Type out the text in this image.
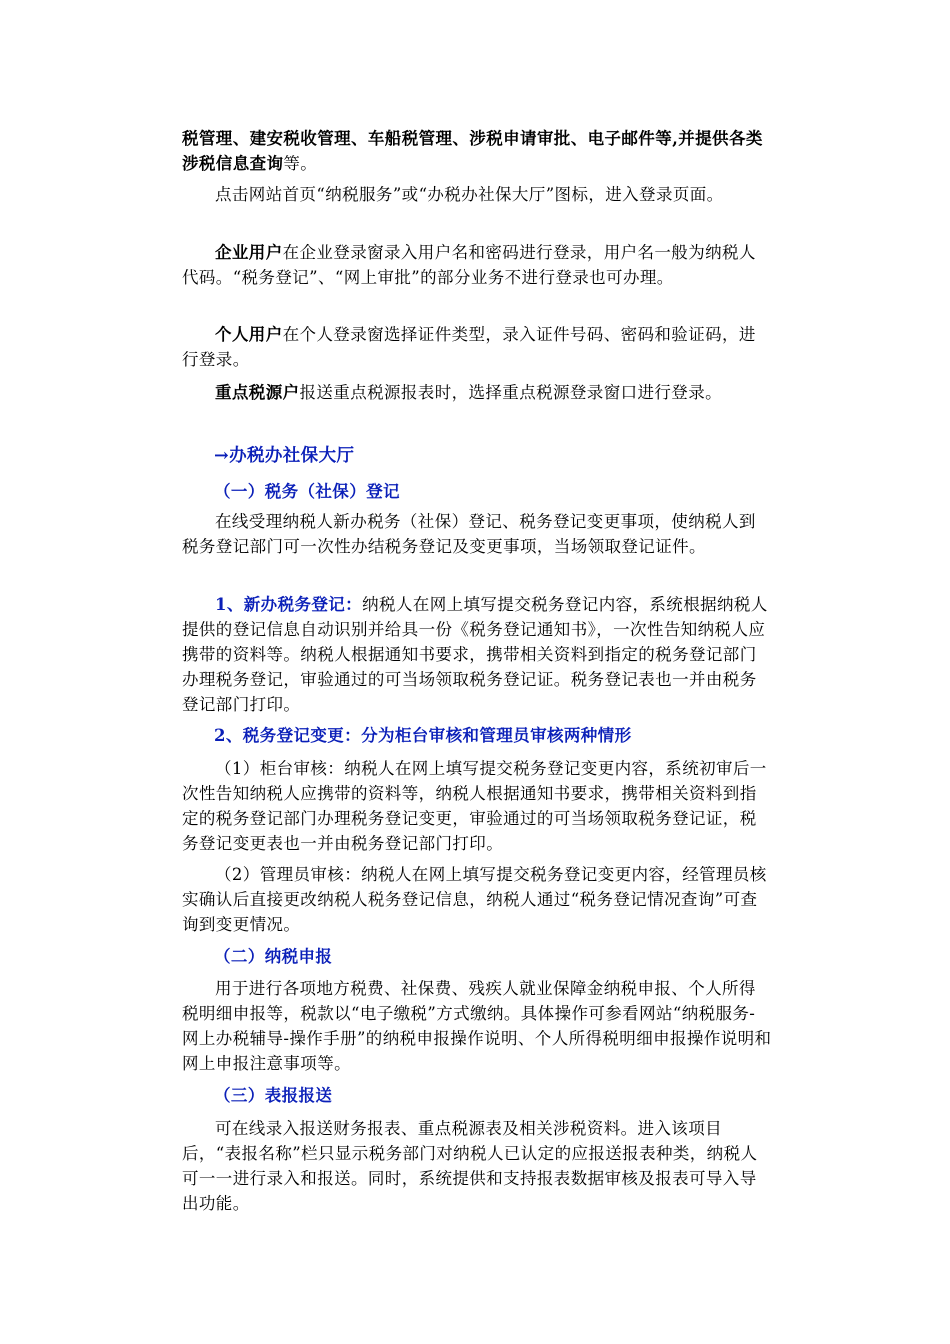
税管理、建安税收管理、车船税管理、涉税申请审批、电子邮件等,并提供各类涉税信息查询等。

点击网站首页“纳税服务”或“办税办社保大厅”图标，进入登录页面。

企业用户在企业登录窗录入用户名和密码进行登录，用户名一般为纳税人代码。“税务登记”、“网上审批”的部分业务不进行登录也可办理。

个人用户在个人登录窗选择证件类型，录入证件号码、密码和验证码，进行登录。

重点税源户报送重点税源报表时，选择重点税源登录窗口进行登录。

→办税办社保大厅

（一）税务（社保）登记

在线受理纳税人新办税务（社保）登记、税务登记变更事项，使纳税人到税务登记部门可一次性办结税务登记及变更事项，当场领取登记证件。

1、新办税务登记：纳税人在网上填写提交税务登记内容，系统根据纳税人提供的登记信息自动识别并给具一份《税务登记通知书》，一次性告知纳税人应携带的资料等。纳税人根据通知书要求，携带相关资料到指定的税务登记部门办理税务登记，审验通过的可当场领取税务登记证。税务登记表也一并由税务登记部门打印。

2、税务登记变更：分为柜台审核和管理员审核两种情形

（1）柜台审核：纳税人在网上填写提交税务登记变更内容，系统初审后一次性告知纳税人应携带的资料等，纳税人根据通知书要求，携带相关资料到指定的税务登记部门办理税务登记变更，审验通过的可当场领取税务登记证，税务登记变更表也一并由税务登记部门打印。

（2）管理员审核：纳税人在网上填写提交税务登记变更内容，经管理员核实确认后直接更改纳税人税务登记信息，纳税人通过“税务登记情况查询”可查询到变更情况。

（二）纳税申报

用于进行各项地方税费、社保费、残疾人就业保障金纳税申报、个人所得税明细申报等，税款以“电子缴税”方式缴纳。具体操作可参看网站“纳税服务-网上办税辅导-操作手册”的纳税申报操作说明、个人所得税明细申报操作说明和网上申报注意事项等。

（三）表报报送

可在线录入报送财务报表、重点税源表及相关涉税资料。进入该项目后，“表报名称”栏只显示税务部门对纳税人已认定的应报送报表种类，纳税人可一一进行录入和报送。同时，系统提供和支持报表数据审核及报表可导入导出功能。
